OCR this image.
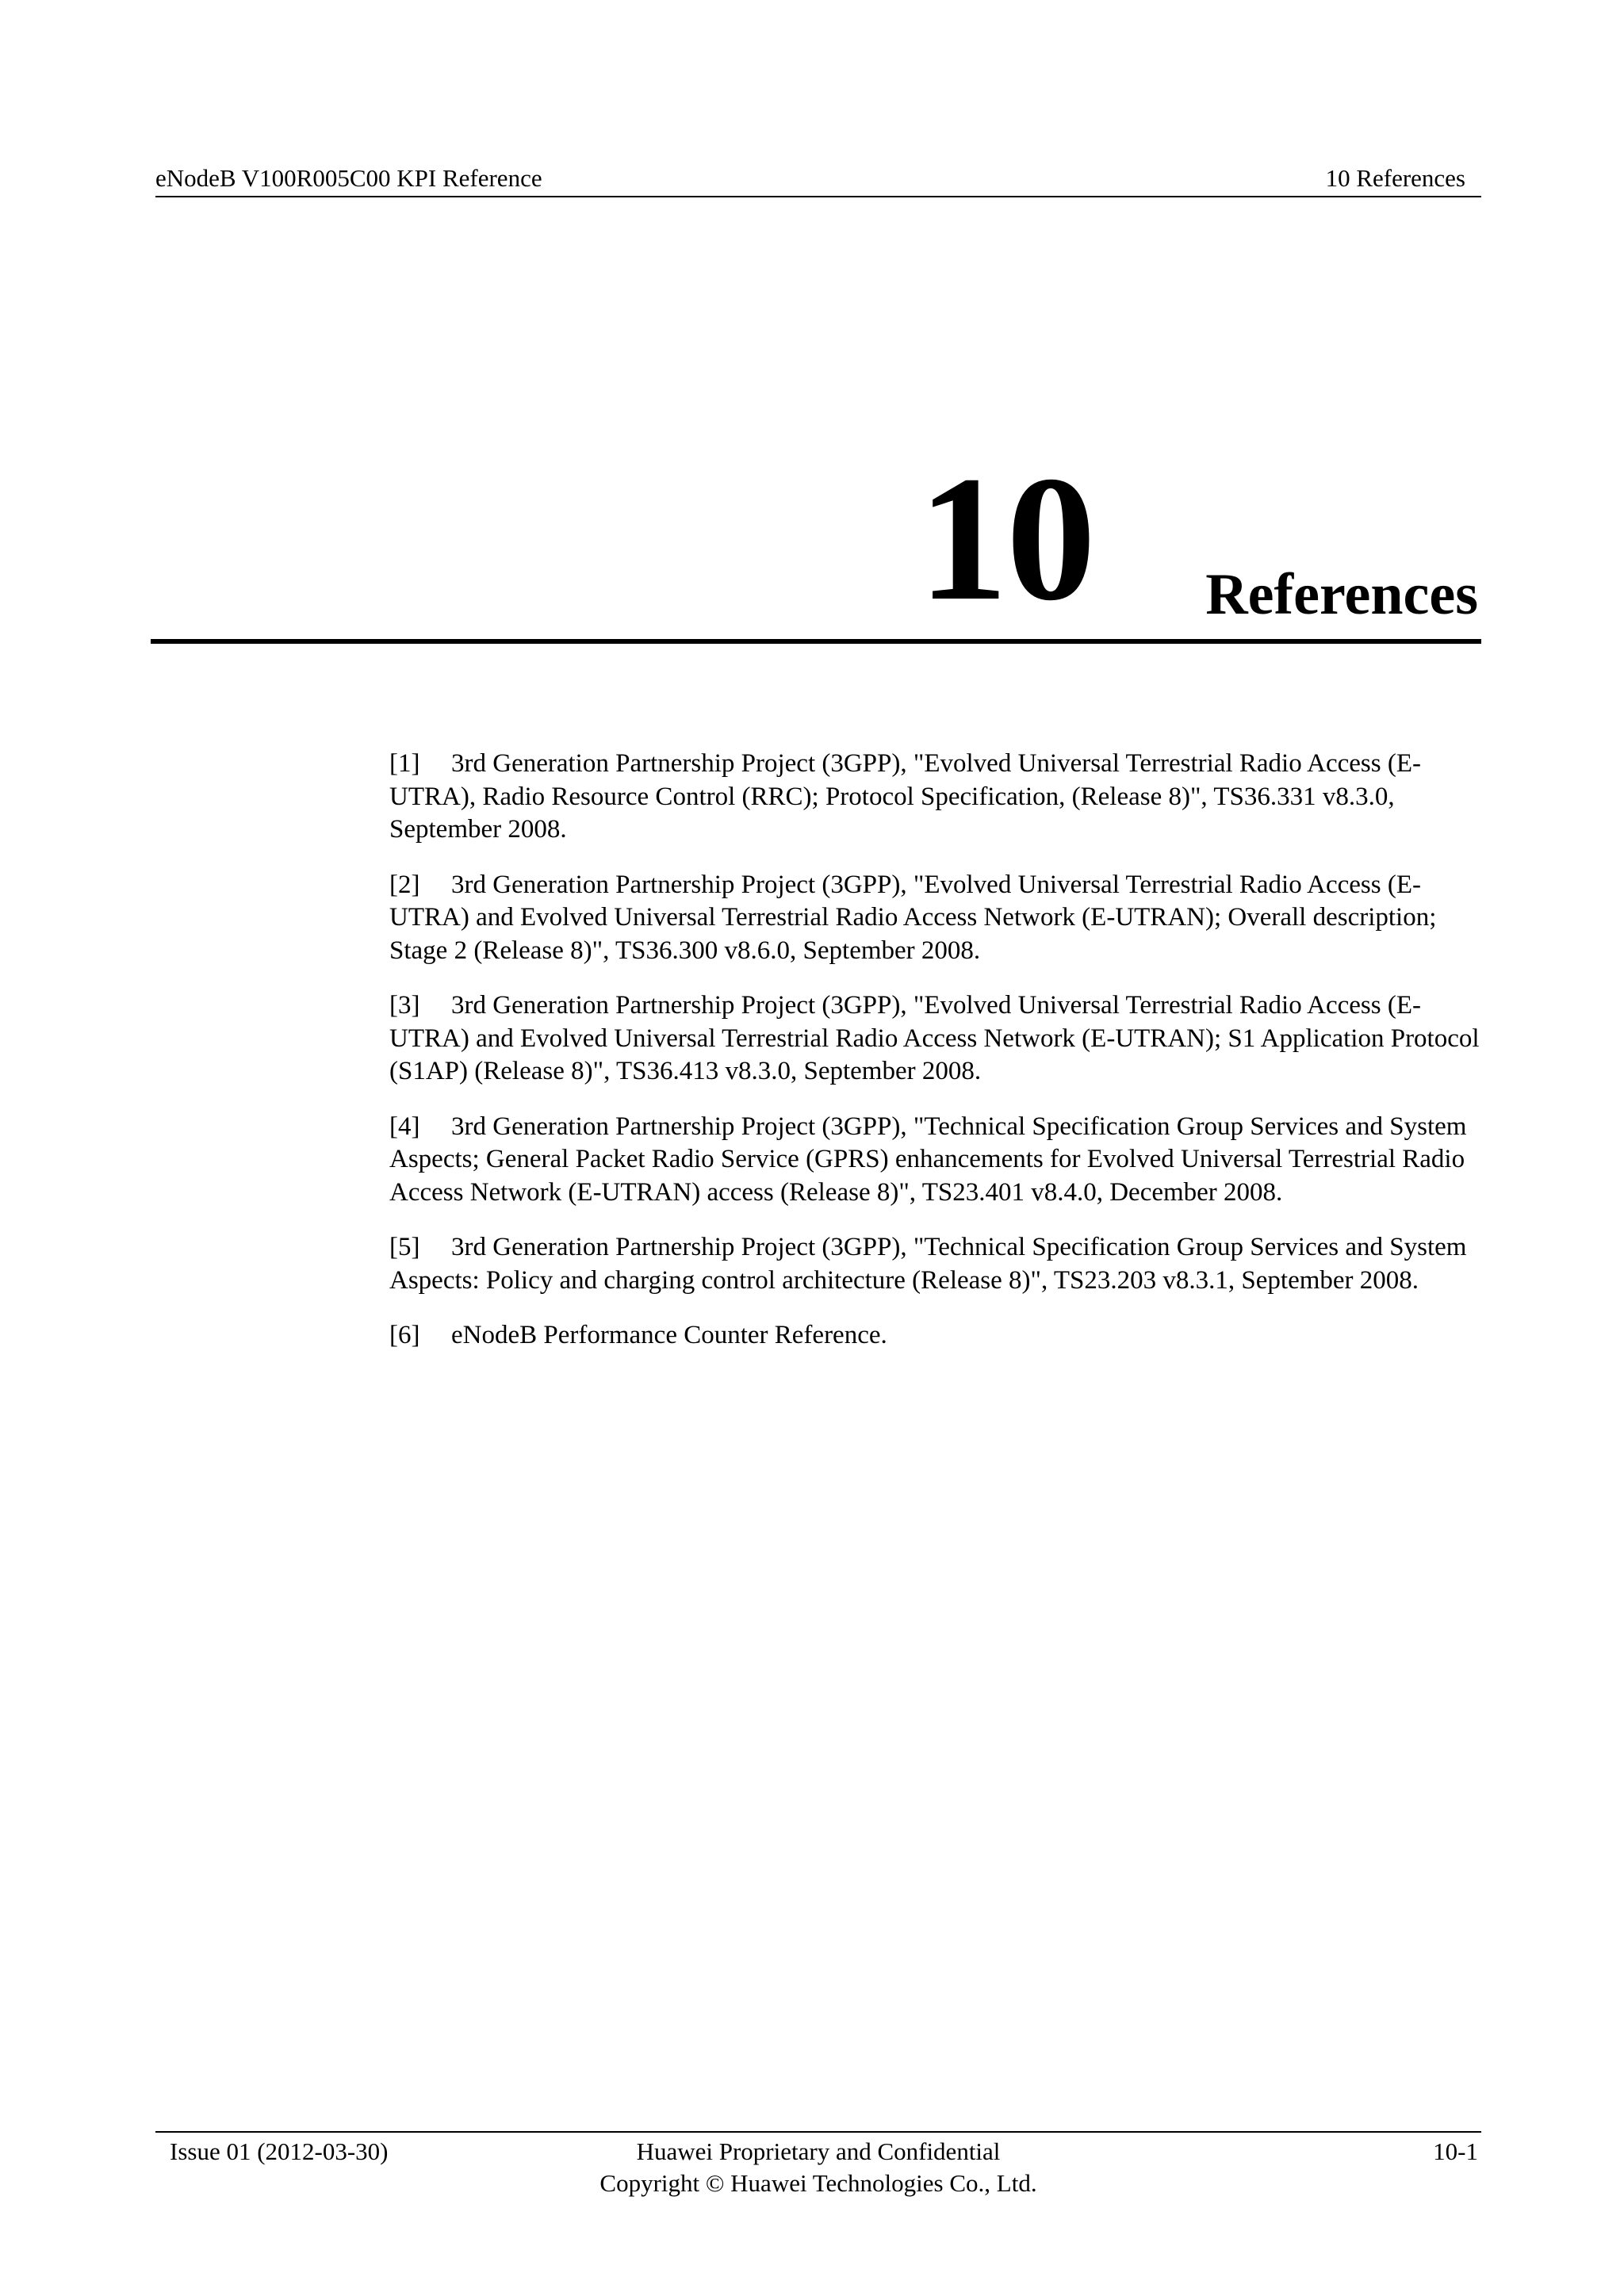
eNodeB V100R005C00 KPI Reference	10 References
10 References
[1] 3rd Generation Partnership Project (3GPP), "Evolved Universal Terrestrial Radio Access (E-UTRA), Radio Resource Control (RRC); Protocol Specification, (Release 8)", TS36.331 v8.3.0, September 2008.
[2] 3rd Generation Partnership Project (3GPP), "Evolved Universal Terrestrial Radio Access (E-UTRA) and Evolved Universal Terrestrial Radio Access Network (E-UTRAN); Overall description; Stage 2 (Release 8)", TS36.300 v8.6.0, September 2008.
[3] 3rd Generation Partnership Project (3GPP), "Evolved Universal Terrestrial Radio Access (E-UTRA) and Evolved Universal Terrestrial Radio Access Network (E-UTRAN); S1 Application Protocol (S1AP) (Release 8)", TS36.413 v8.3.0, September 2008.
[4] 3rd Generation Partnership Project (3GPP), "Technical Specification Group Services and System Aspects; General Packet Radio Service (GPRS) enhancements for Evolved Universal Terrestrial Radio Access Network (E-UTRAN) access (Release 8)", TS23.401 v8.4.0, December 2008.
[5] 3rd Generation Partnership Project (3GPP), "Technical Specification Group Services and System Aspects: Policy and charging control architecture (Release 8)", TS23.203 v8.3.1, September 2008.
[6] eNodeB Performance Counter Reference.
Issue 01 (2012-03-30)	Huawei Proprietary and Confidential
Copyright © Huawei Technologies Co., Ltd.
10-1
